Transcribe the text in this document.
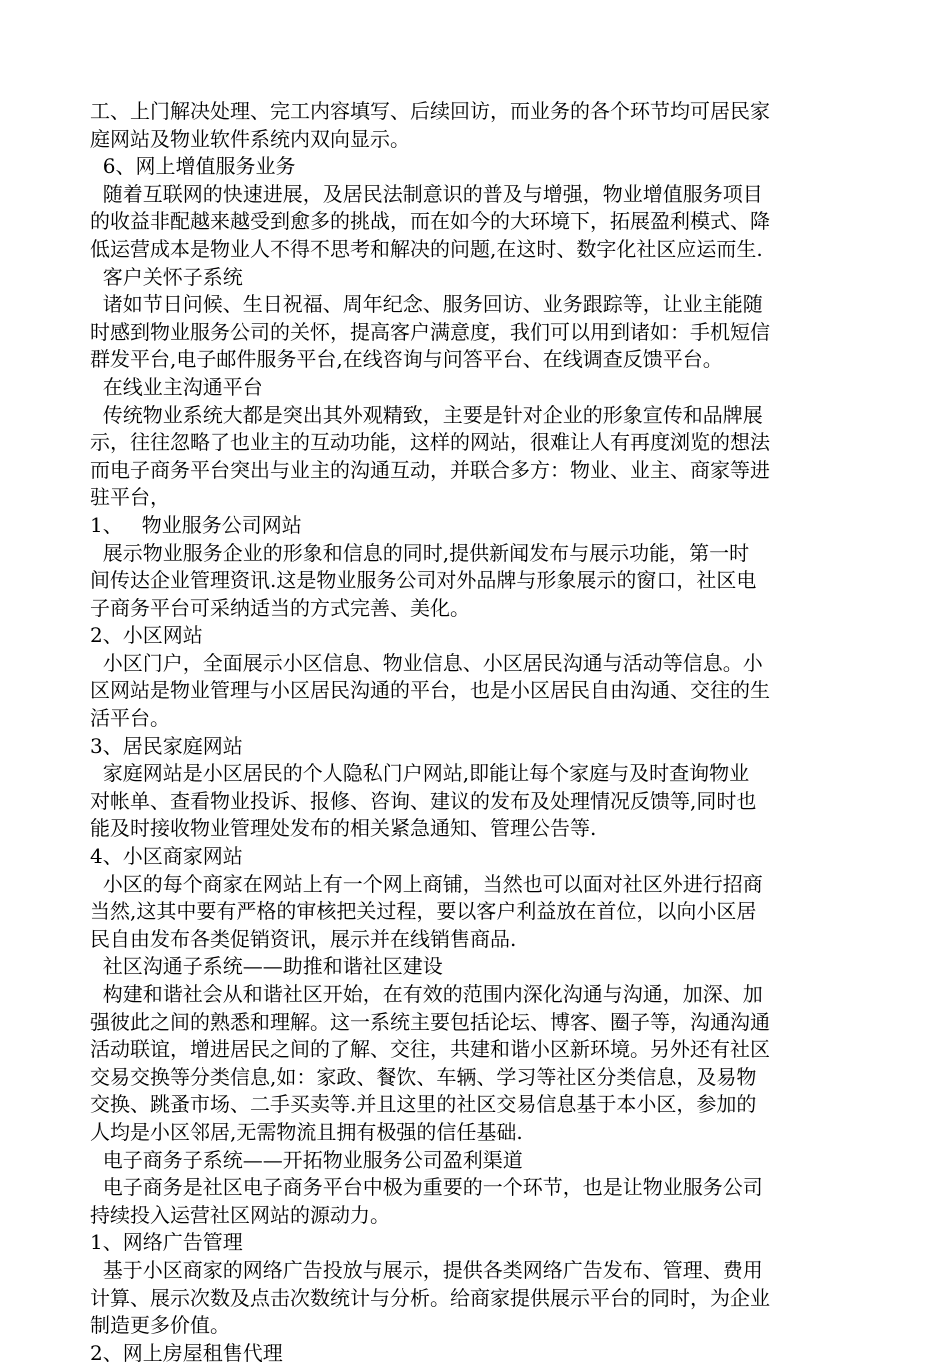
工、上门解决处理、完工内容填写、后续回访，而业务的各个环节均可居民家
庭网站及物业软件系统内双向显示。
6、网上增值服务业务
随着互联网的快速进展，及居民法制意识的普及与增强，物业增值服务项目
的收益非配越来越受到愈多的挑战，而在如今的大环境下，拓展盈利模式、降
低运营成本是物业人不得不思考和解决的问题,在这时、数字化社区应运而生.
客户关怀子系统
诸如节日问候、生日祝福、周年纪念、服务回访、业务跟踪等，让业主能随
时感到物业服务公司的关怀，提高客户满意度，我们可以用到诸如：手机短信
群发平台,电子邮件服务平台,在线咨询与问答平台、在线调查反馈平台。
在线业主沟通平台
传统物业系统大都是突出其外观精致，主要是针对企业的形象宣传和品牌展
示，往往忽略了也业主的互动功能，这样的网站，很难让人有再度浏览的想法
而电子商务平台突出与业主的沟通互动，并联合多方：物业、业主、商家等进
驻平台，
1、   物业服务公司网站
展示物业服务企业的形象和信息的同时,提供新闻发布与展示功能，第一时
间传达企业管理资讯.这是物业服务公司对外品牌与形象展示的窗口，社区电
子商务平台可采纳适当的方式完善、美化。
2、小区网站
小区门户，全面展示小区信息、物业信息、小区居民沟通与活动等信息。小
区网站是物业管理与小区居民沟通的平台，也是小区居民自由沟通、交往的生
活平台。
3、居民家庭网站
家庭网站是小区居民的个人隐私门户网站,即能让每个家庭与及时查询物业
对帐单、查看物业投诉、报修、咨询、建议的发布及处理情况反馈等,同时也
能及时接收物业管理处发布的相关紧急通知、管理公告等.
4、小区商家网站
小区的每个商家在网站上有一个网上商铺，当然也可以面对社区外进行招商
当然,这其中要有严格的审核把关过程，要以客户利益放在首位，以向小区居
民自由发布各类促销资讯，展示并在线销售商品.
社区沟通子系统——助推和谐社区建设
构建和谐社会从和谐社区开始，在有效的范围内深化沟通与沟通，加深、加
强彼此之间的熟悉和理解。这一系统主要包括论坛、博客、圈子等，沟通沟通
活动联谊，增进居民之间的了解、交往，共建和谐小区新环境。另外还有社区
交易交换等分类信息,如：家政、餐饮、车辆、学习等社区分类信息，及易物
交换、跳蚤市场、二手买卖等.并且这里的社区交易信息基于本小区，参加的
人均是小区邻居,无需物流且拥有极强的信任基础.
电子商务子系统——开拓物业服务公司盈利渠道
电子商务是社区电子商务平台中极为重要的一个环节，也是让物业服务公司
持续投入运营社区网站的源动力。
1、网络广告管理
基于小区商家的网络广告投放与展示，提供各类网络广告发布、管理、费用
计算、展示次数及点击次数统计与分析。给商家提供展示平台的同时，为企业
制造更多价值。
2、网上房屋租售代理
